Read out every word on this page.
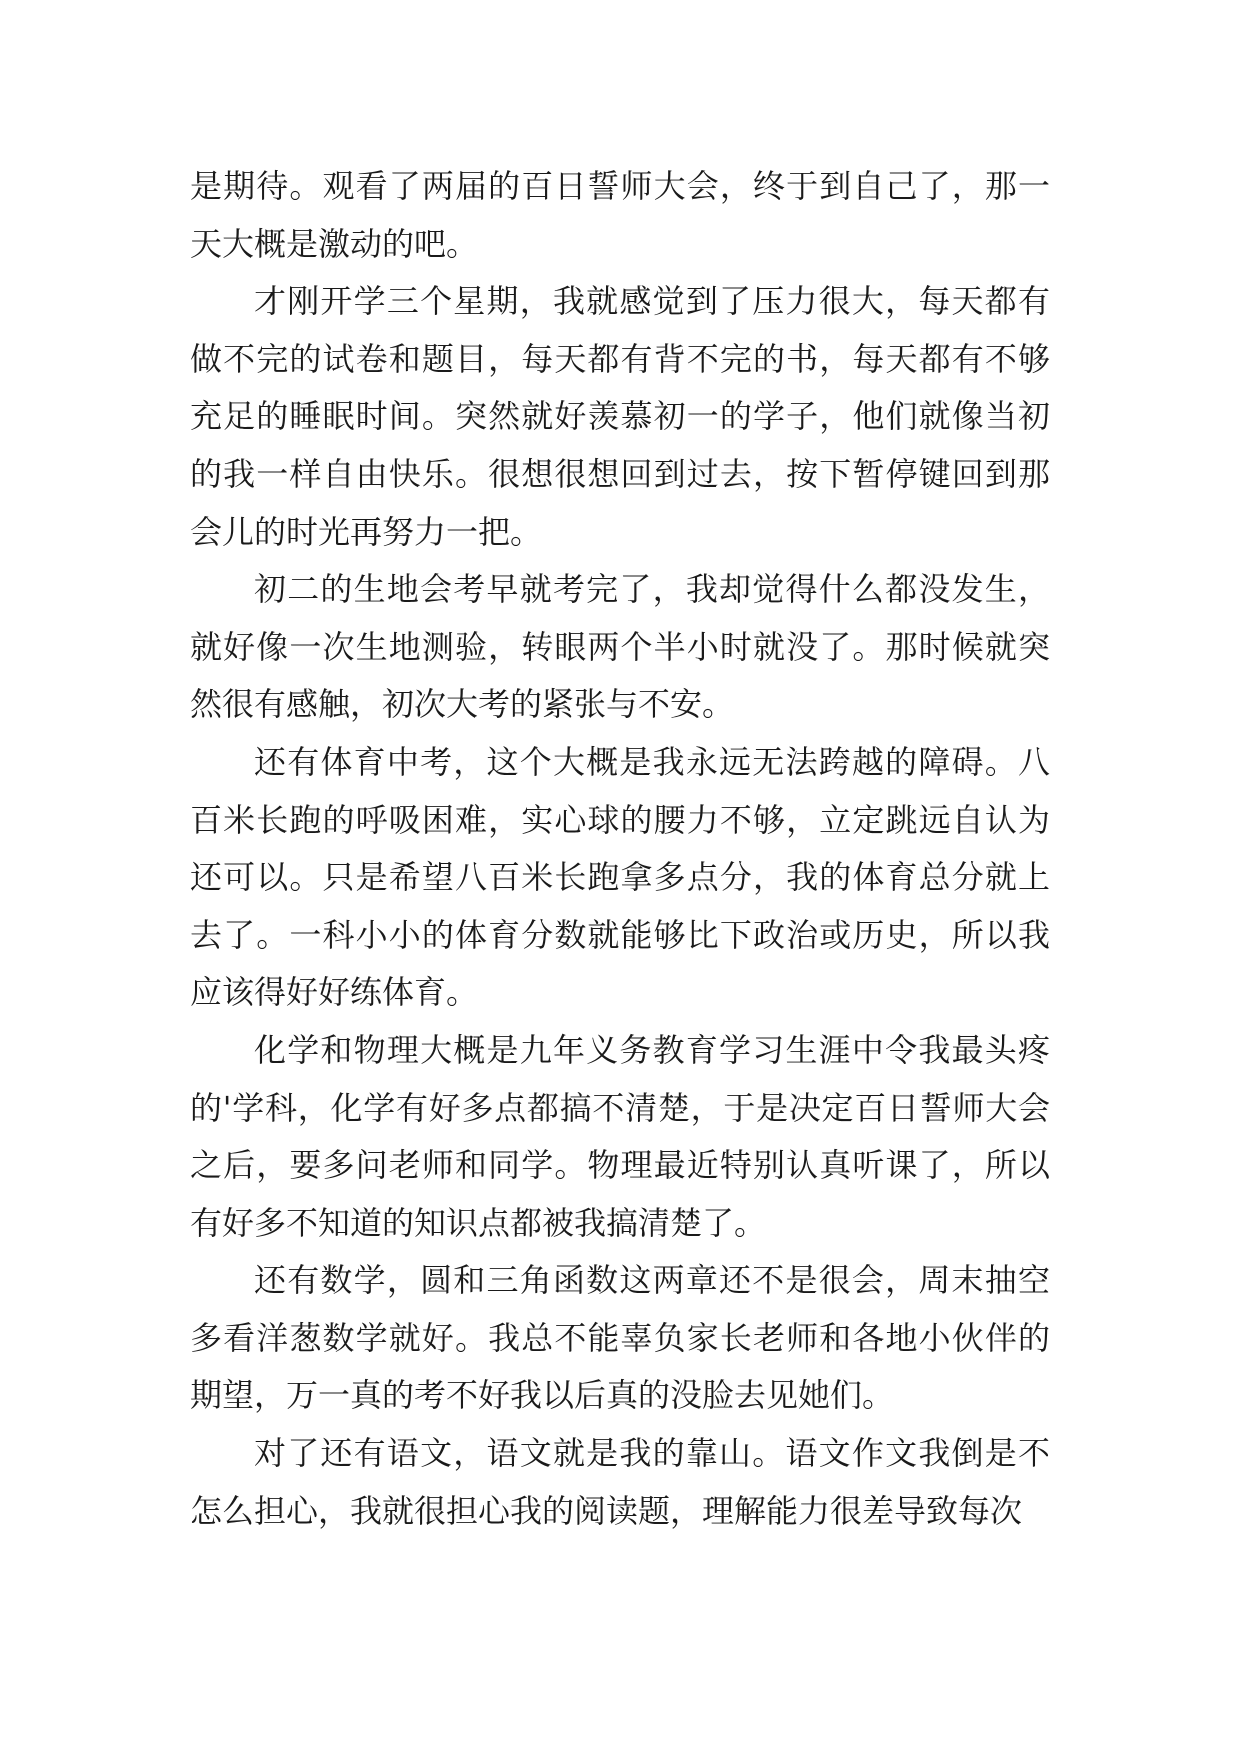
是期待。观看了两届的百日誓师大会，终于到自己了，那一天大概是激动的吧。

才刚开学三个星期，我就感觉到了压力很大，每天都有做不完的试卷和题目，每天都有背不完的书，每天都有不够充足的睡眠时间。突然就好羡慕初一的学子，他们就像当初的我一样自由快乐。很想很想回到过去，按下暂停键回到那会儿的时光再努力一把。

初二的生地会考早就考完了，我却觉得什么都没发生，就好像一次生地测验，转眼两个半小时就没了。那时候就突然很有感触，初次大考的紧张与不安。

还有体育中考，这个大概是我永远无法跨越的障碍。八百米长跑的呼吸困难，实心球的腰力不够，立定跳远自认为还可以。只是希望八百米长跑拿多点分，我的体育总分就上去了。一科小小的体育分数就能够比下政治或历史，所以我应该得好好练体育。

化学和物理大概是九年义务教育学习生涯中令我最头疼的'学科，化学有好多点都搞不清楚，于是决定百日誓师大会之后，要多问老师和同学。物理最近特别认真听课了，所以有好多不知道的知识点都被我搞清楚了。

还有数学，圆和三角函数这两章还不是很会，周末抽空多看洋葱数学就好。我总不能辜负家长老师和各地小伙伴的期望，万一真的考不好我以后真的没脸去见她们。

对了还有语文，语文就是我的靠山。语文作文我倒是不怎么担心，我就很担心我的阅读题，理解能力很差导致每次
